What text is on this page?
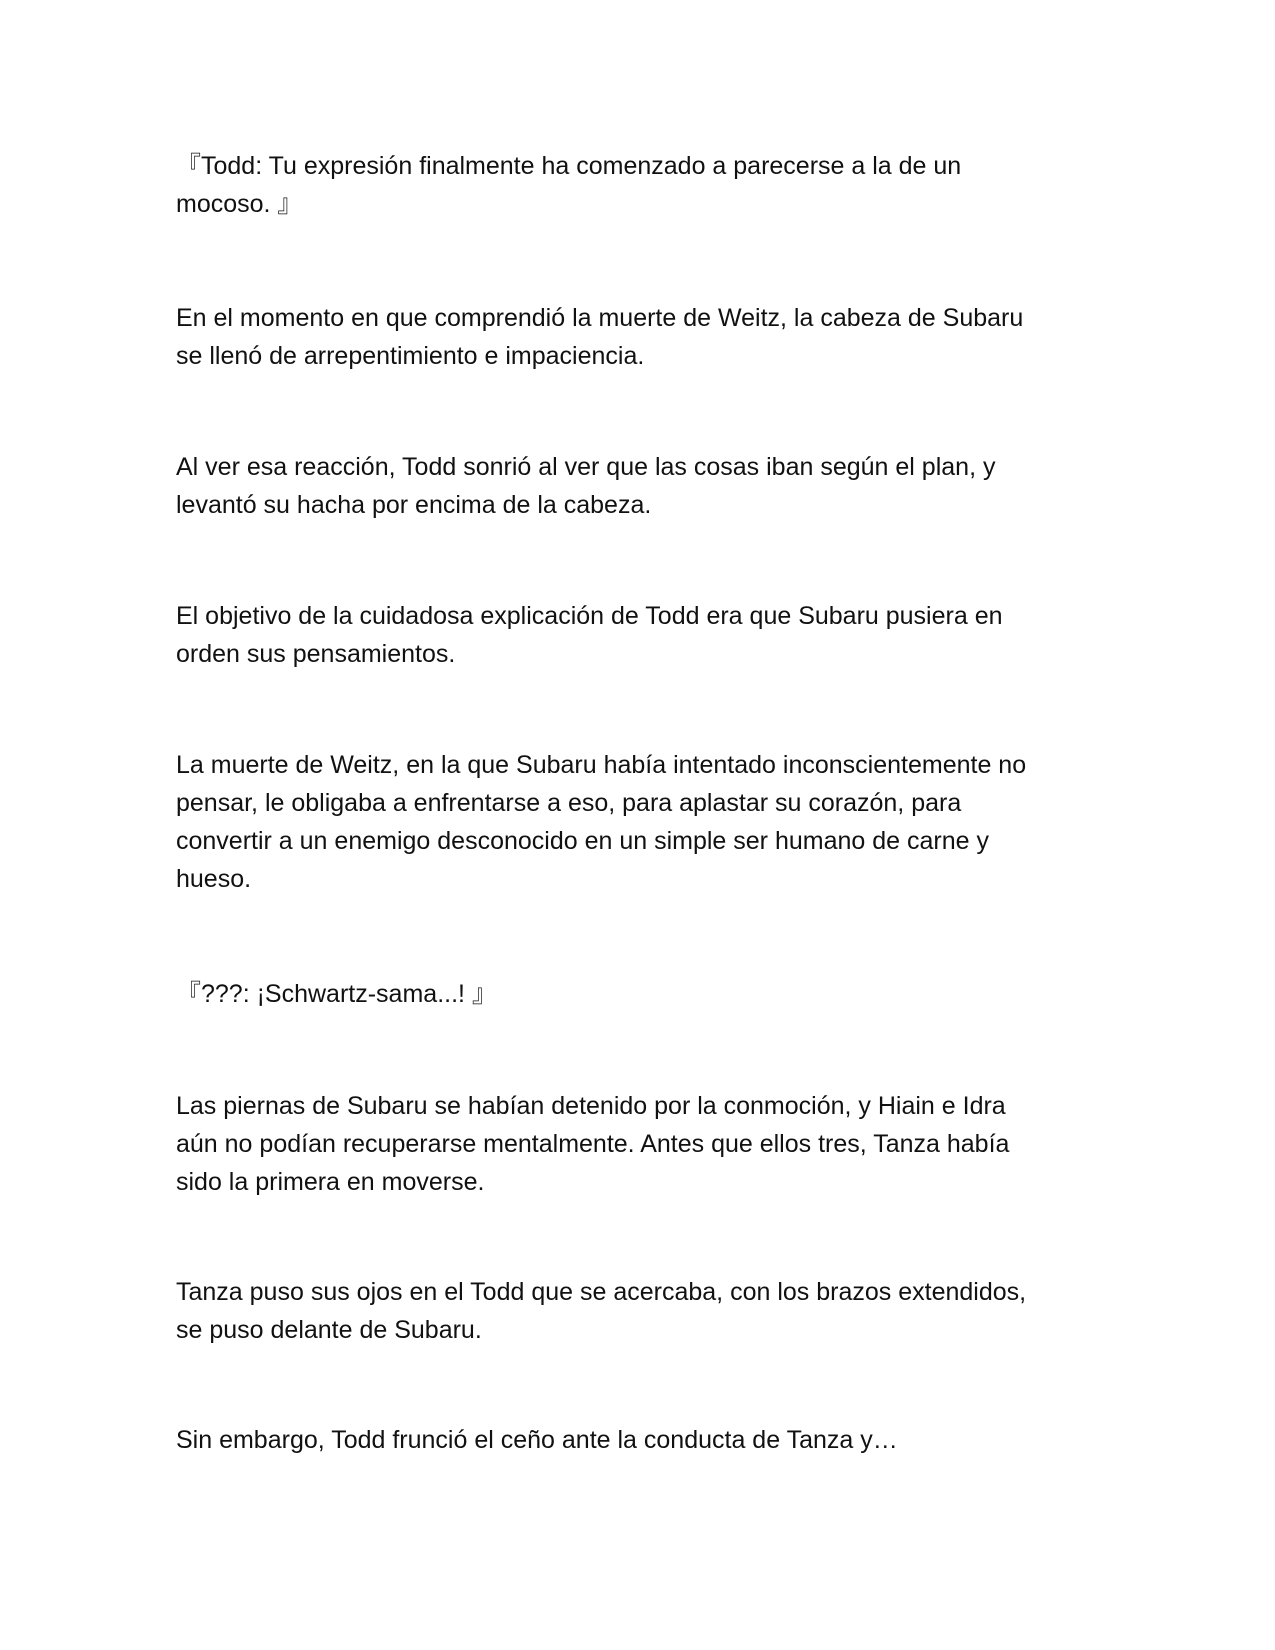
『Todd: Tu expresión finalmente ha comenzado a parecerse a la de un
mocoso. 』

En el momento en que comprendió la muerte de Weitz, la cabeza de Subaru
se llenó de arrepentimiento e impaciencia.

Al ver esa reacción, Todd sonrió al ver que las cosas iban según el plan, y
levantó su hacha por encima de la cabeza.

El objetivo de la cuidadosa explicación de Todd era que Subaru pusiera en
orden sus pensamientos.

La muerte de Weitz, en la que Subaru había intentado inconscientemente no
pensar, le obligaba a enfrentarse a eso, para aplastar su corazón, para
convertir a un enemigo desconocido en un simple ser humano de carne y
hueso.

『???: ¡Schwartz-sama...! 』

Las piernas de Subaru se habían detenido por la conmoción, y Hiain e Idra
aún no podían recuperarse mentalmente. Antes que ellos tres, Tanza había
sido la primera en moverse.

Tanza puso sus ojos en el Todd que se acercaba, con los brazos extendidos,
se puso delante de Subaru.

Sin embargo, Todd frunció el ceño ante la conducta de Tanza y…
